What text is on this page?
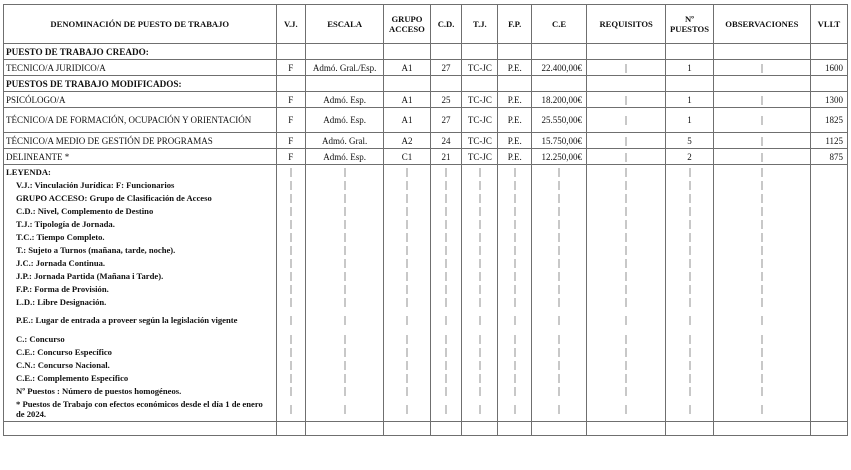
DENOMINACIÓN DE PUESTO DE TRABAJO	V.J.	ESCALA	GRUPO ACCESO	C.D.	T.J.	F.P.	C.E	REQUISITOS	Nº PUESTOS	OBSERVACIONES	VLLT
PUESTO DE TRABAJO CREADO:											
TECNICO/A JURIDICO/A	F	Admó. Gral./Esp.	A1	27	TC-JC	P.E.	22.400,00€		1		1600
PUESTOS DE TRABAJO MODIFICADOS:											
PSICÓLOGO/A	F	Admó. Esp.	A1	25	TC-JC	P.E.	18.200,00€		1		1300
TÉCNICO/A DE FORMACIÓN, OCUPACIÓN Y ORIENTACIÓN	F	Admó. Esp.	A1	27	TC-JC	P.E.	25.550,00€		1		1825
TÉCNICO/A MEDIO DE GESTIÓN DE PROGRAMAS	F	Admó. Gral.	A2	24	TC-JC	P.E.	15.750,00€		5		1125
DELINEANTE *	F	Admó. Esp.	C1	21	TC-JC	P.E.	12.250,00€		2		875
LEYENDA:											
V.J.: Vinculación Jurídica: F: Funcionarios											
GRUPO ACCESO: Grupo de Clasificación de Acceso											
C.D.: Nivel, Complemento de Destino											
T.J.: Tipología de Jornada.											
T.C.: Tiempo Completo.											
T.: Sujeto a Turnos (mañana, tarde, noche).											
J.C.: Jornada Continua.											
J.P.: Jornada Partida (Mañana i Tarde).											
F.P.: Forma de Provisión.											
L.D.: Libre Designación.											
P.E.: Lugar de entrada a proveer según la legislación vigente											
C.: Concurso											
C.E.: Concurso Específico											
C.N.: Concurso Nacional.											
C.E.: Complemento Específico											
Nº Puestos : Número de puestos homogéneos.											
* Puestos de Trabajo con efectos económicos desde el día 1 de enero de 2024.											
